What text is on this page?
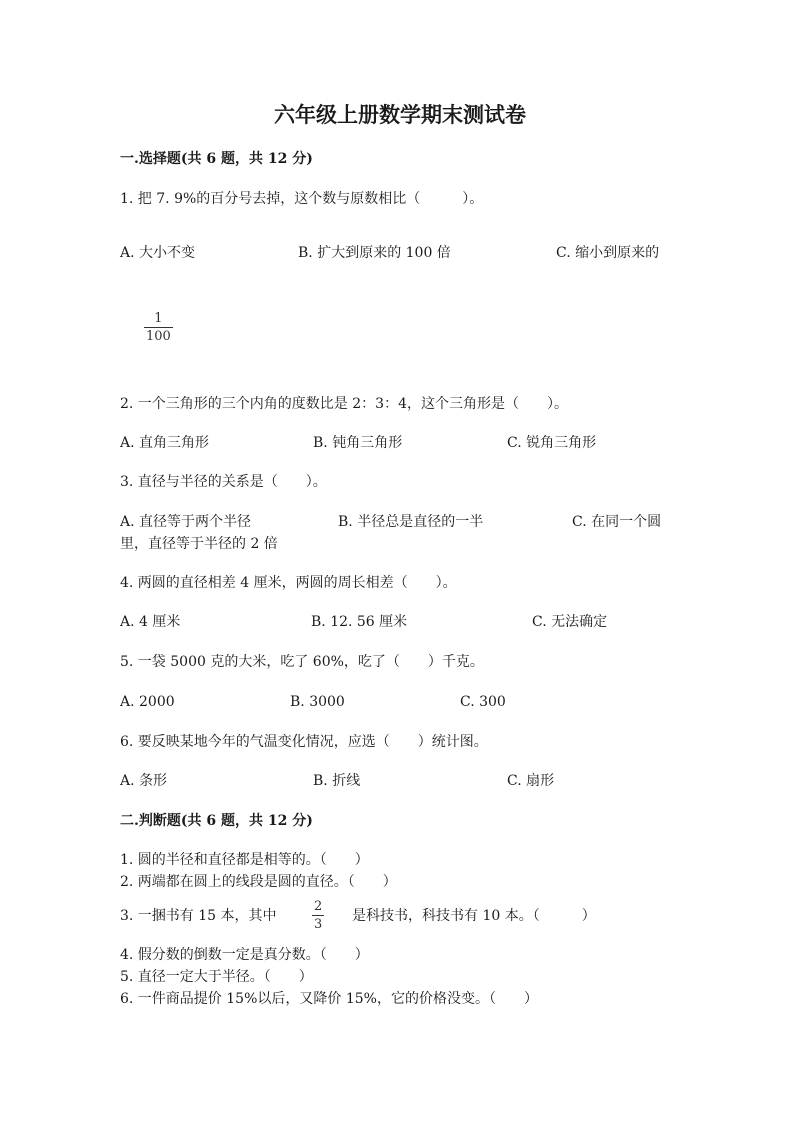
六年级上册数学期末测试卷
一.选择题(共 6 题，共 12 分)
1. 把 7. 9%的百分号去掉，这个数与原数相比（　　　）。
A. 大小不变	B. 扩大到原来的 100 倍	C. 缩小到原来的
1
100
2. 一个三角形的三个内角的度数比是 2：3：4，这个三角形是（　　）。
A. 直角三角形	B. 钝角三角形	C. 锐角三角形
3. 直径与半径的关系是（　　）。
A. 直径等于两个半径	B. 半径总是直径的一半	C. 在同一个圆
里，直径等于半径的 2 倍
4. 两圆的直径相差 4 厘米，两圆的周长相差（　　）。
A. 4 厘米	B. 12. 56 厘米	C. 无法确定
5. 一袋 5000 克的大米，吃了 60%，吃了（　　）千克。
A. 2000	B. 3000	C. 300
6. 要反映某地今年的气温变化情况，应选（　　）统计图。
A. 条形	B. 折线	C. 扇形
二.判断题(共 6 题，共 12 分)
1. 圆的半径和直径都是相等的。（　　）
2. 两端都在圆上的线段是圆的直径。（　　）
3. 一捆书有 15 本，其中
2
3
是科技书，科技书有 10 本。（　　　）
4. 假分数的倒数一定是真分数。（　　）
5. 直径一定大于半径。（　　）
6. 一件商品提价 15%以后，又降价 15%，它的价格没变。（　　）
